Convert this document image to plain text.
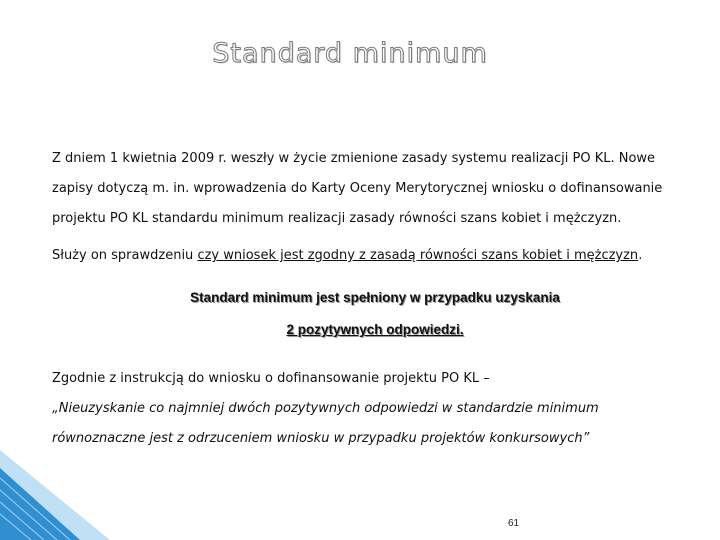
Standard minimum
Z dniem 1 kwietnia 2009 r. weszły w życie zmienione zasady systemu realizacji PO KL. Nowe zapisy dotyczą m. in. wprowadzenia do Karty Oceny Merytorycznej wniosku o dofinansowanie projektu PO KL standardu minimum realizacji zasady równości szans kobiet i mężczyzn.
Służy on sprawdzeniu czy wniosek jest zgodny z zasadą równości szans kobiet i mężczyzn.
Standard minimum jest spełniony w przypadku uzyskania
2 pozytywnych odpowiedzi.
Zgodnie z instrukcją do wniosku o dofinansowanie projektu PO KL –
„Nieuzyskanie co najmniej dwóch pozytywnych odpowiedzi w standardzie minimum równoznaczne jest z odrzuceniem wniosku w przypadku projektów konkursowych”
61
